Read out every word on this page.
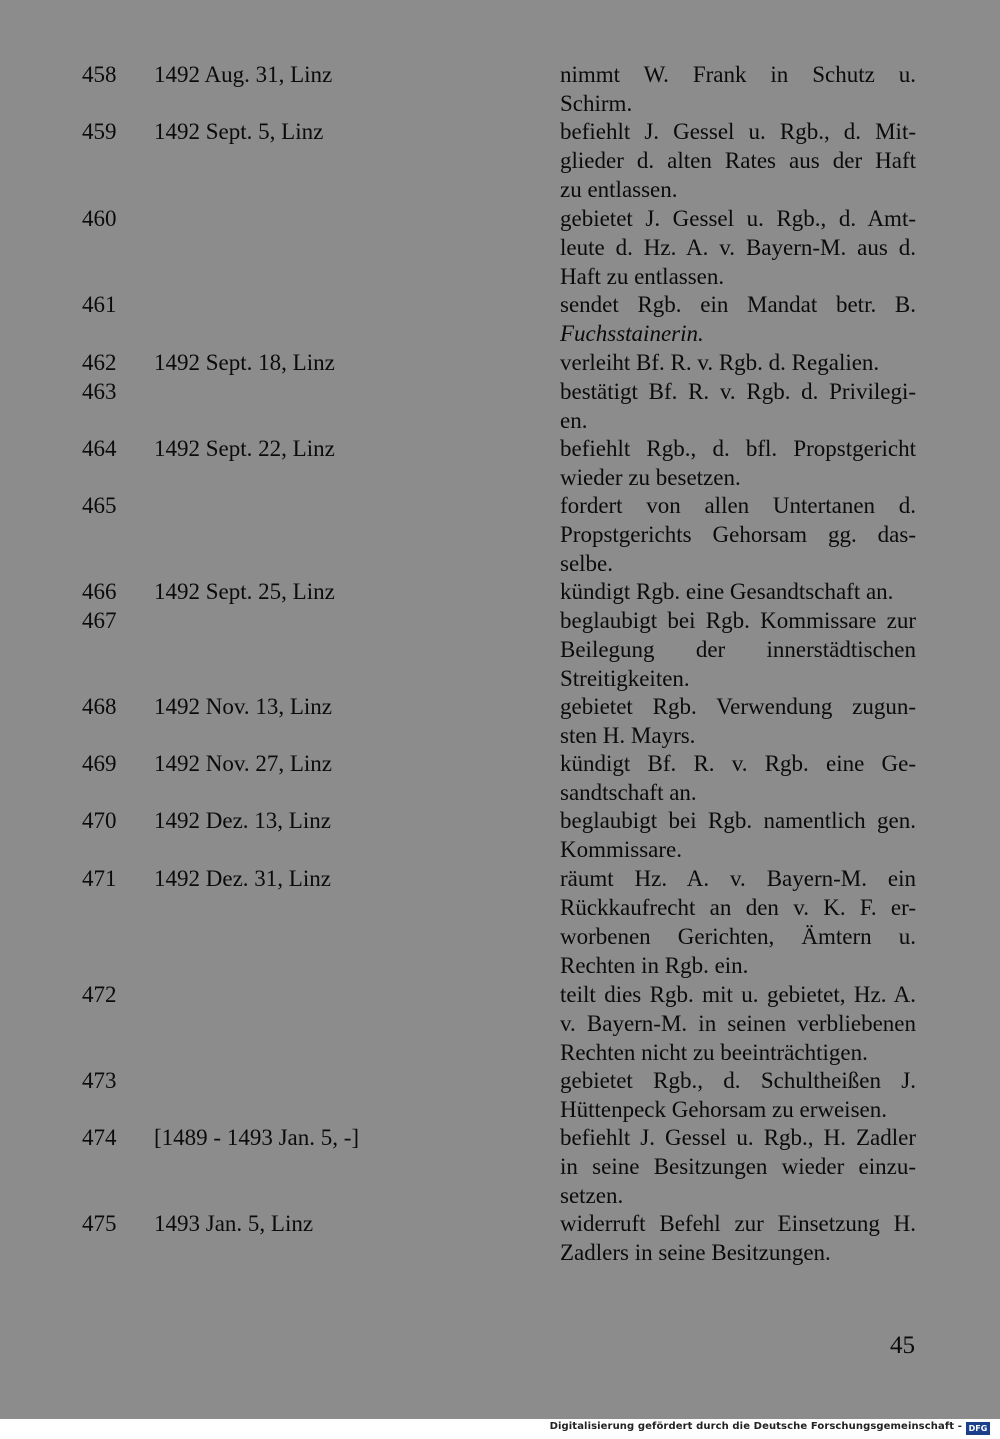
458	1492 Aug. 31, Linz	nimmt W. Frank in Schutz u.
Schirm.
459	1492 Sept. 5, Linz	befiehlt J. Gessel u. Rgb., d. Mit-
glieder d. alten Rates aus der Haft
zu entlassen.
460	gebietet J. Gessel u. Rgb., d. Amt-
leute d. Hz. A. v. Bayern-M. aus d.
Haft zu entlassen.
461	sendet Rgb. ein Mandat betr. B.
Fuchsstainerin.
462	1492 Sept. 18, Linz	verleiht Bf. R. v. Rgb. d. Regalien.
463	bestätigt Bf. R. v. Rgb. d. Privilegi-
en.
464	1492 Sept. 22, Linz	befiehlt Rgb., d. bfl. Propstgericht
wieder zu besetzen.
465	fordert von allen Untertanen d.
Propstgerichts Gehorsam gg. das-
selbe.
466	1492 Sept. 25, Linz	kündigt Rgb. eine Gesandtschaft an.
467	beglaubigt bei Rgb. Kommissare zur
Beilegung der innerstädtischen
Streitigkeiten.
468	1492 Nov. 13, Linz	gebietet Rgb. Verwendung zugun-
sten H. Mayrs.
469	1492 Nov. 27, Linz	kündigt Bf. R. v. Rgb. eine Ge-
sandtschaft an.
470	1492 Dez. 13, Linz	beglaubigt bei Rgb. namentlich gen.
Kommissare.
471	1492 Dez. 31, Linz	räumt Hz. A. v. Bayern-M. ein
Rückkaufrecht an den v. K. F. er-
worbenen Gerichten, Ämtern u.
Rechten in Rgb. ein.
472	teilt dies Rgb. mit u. gebietet, Hz. A.
v. Bayern-M. in seinen verbliebenen
Rechten nicht zu beeinträchtigen.
473	gebietet Rgb., d. Schultheißen J.
Hüttenpeck Gehorsam zu erweisen.
474	[1489 - 1493 Jan. 5, -]	befiehlt J. Gessel u. Rgb., H. Zadler
in seine Besitzungen wieder einzu-
setzen.
475	1493 Jan. 5, Linz	widerruft Befehl zur Einsetzung H.
Zadlers in seine Besitzungen.
45
Digitalisierung gefördert durch die Deutsche Forschungsgemeinschaft - DFG
